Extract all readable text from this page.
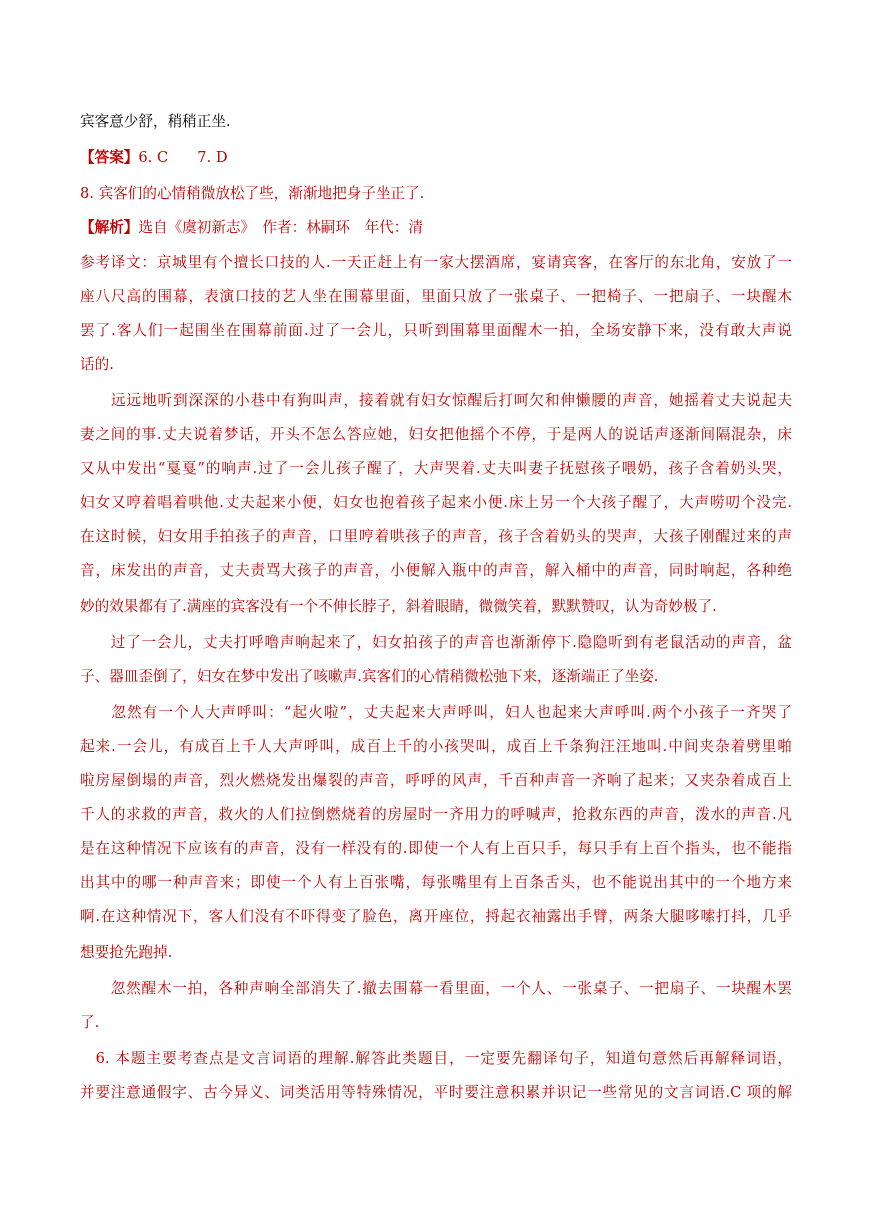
宾客意少舒，稍稍正坐.
【答案】6. C　　7. D
8. 宾客们的心情稍微放松了些，渐渐地把身子坐正了.
【解析】选自《虞初新志》　作者：林嗣环　年代：清
参考译文：京城里有个擅长口技的人.一天正赶上有一家大摆酒席，宴请宾客，在客厅的东北角，安放了一
座八尺高的围幕，表演口技的艺人坐在围幕里面，里面只放了一张桌子、一把椅子、一把扇子、一块醒木
罢了.客人们一起围坐在围幕前面.过了一会儿，只听到围幕里面醒木一拍，全场安静下来，没有敢大声说
话的.
　　远远地听到深深的小巷中有狗叫声，接着就有妇女惊醒后打呵欠和伸懒腰的声音，她摇着丈夫说起夫
妻之间的事.丈夫说着梦话，开头不怎么答应她，妇女把他摇个不停，于是两人的说话声逐渐间隔混杂，床
又从中发出“戛戛”的响声.过了一会儿孩子醒了，大声哭着.丈夫叫妻子抚慰孩子喂奶，孩子含着奶头哭，
妇女又哼着唱着哄他.丈夫起来小便，妇女也抱着孩子起来小便.床上另一个大孩子醒了，大声唠叨个没完.
在这时候，妇女用手拍孩子的声音，口里哼着哄孩子的声音，孩子含着奶头的哭声，大孩子刚醒过来的声
音，床发出的声音，丈夫责骂大孩子的声音，小便解入瓶中的声音，解入桶中的声音，同时响起，各种绝
妙的效果都有了.满座的宾客没有一个不伸长脖子，斜着眼睛，微微笑着，默默赞叹，认为奇妙极了.
　　过了一会儿，丈夫打呼噜声响起来了，妇女拍孩子的声音也渐渐停下.隐隐听到有老鼠活动的声音，盆
子、器皿歪倒了，妇女在梦中发出了咳嗽声.宾客们的心情稍微松弛下来，逐渐端正了坐姿.
　　忽然有一个人大声呼叫：“起火啦”，丈夫起来大声呼叫，妇人也起来大声呼叫.两个小孩子一齐哭了
起来.一会儿，有成百上千人大声呼叫，成百上千的小孩哭叫，成百上千条狗汪汪地叫.中间夹杂着劈里啪
啦房屋倒塌的声音，烈火燃烧发出爆裂的声音，呼呼的风声，千百种声音一齐响了起来；又夹杂着成百上
千人的求救的声音，救火的人们拉倒燃烧着的房屋时一齐用力的呼喊声，抢救东西的声音，泼水的声音.凡
是在这种情况下应该有的声音，没有一样没有的.即使一个人有上百只手，每只手有上百个指头，也不能指
出其中的哪一种声音来；即使一个人有上百张嘴，每张嘴里有上百条舌头，也不能说出其中的一个地方来
啊.在这种情况下，客人们没有不吓得变了脸色，离开座位，捋起衣袖露出手臂，两条大腿哆嗦打抖，几乎
想要抢先跑掉.
　　忽然醒木一拍，各种声响全部消失了.撤去围幕一看里面，一个人、一张桌子、一把扇子、一块醒木罢
了.
　6. 本题主要考查点是文言词语的理解.解答此类题目，一定要先翻译句子，知道句意然后再解释词语，
并要注意通假字、古今异义、词类活用等特殊情况，平时要注意积累并识记一些常见的文言词语.C 项的解
